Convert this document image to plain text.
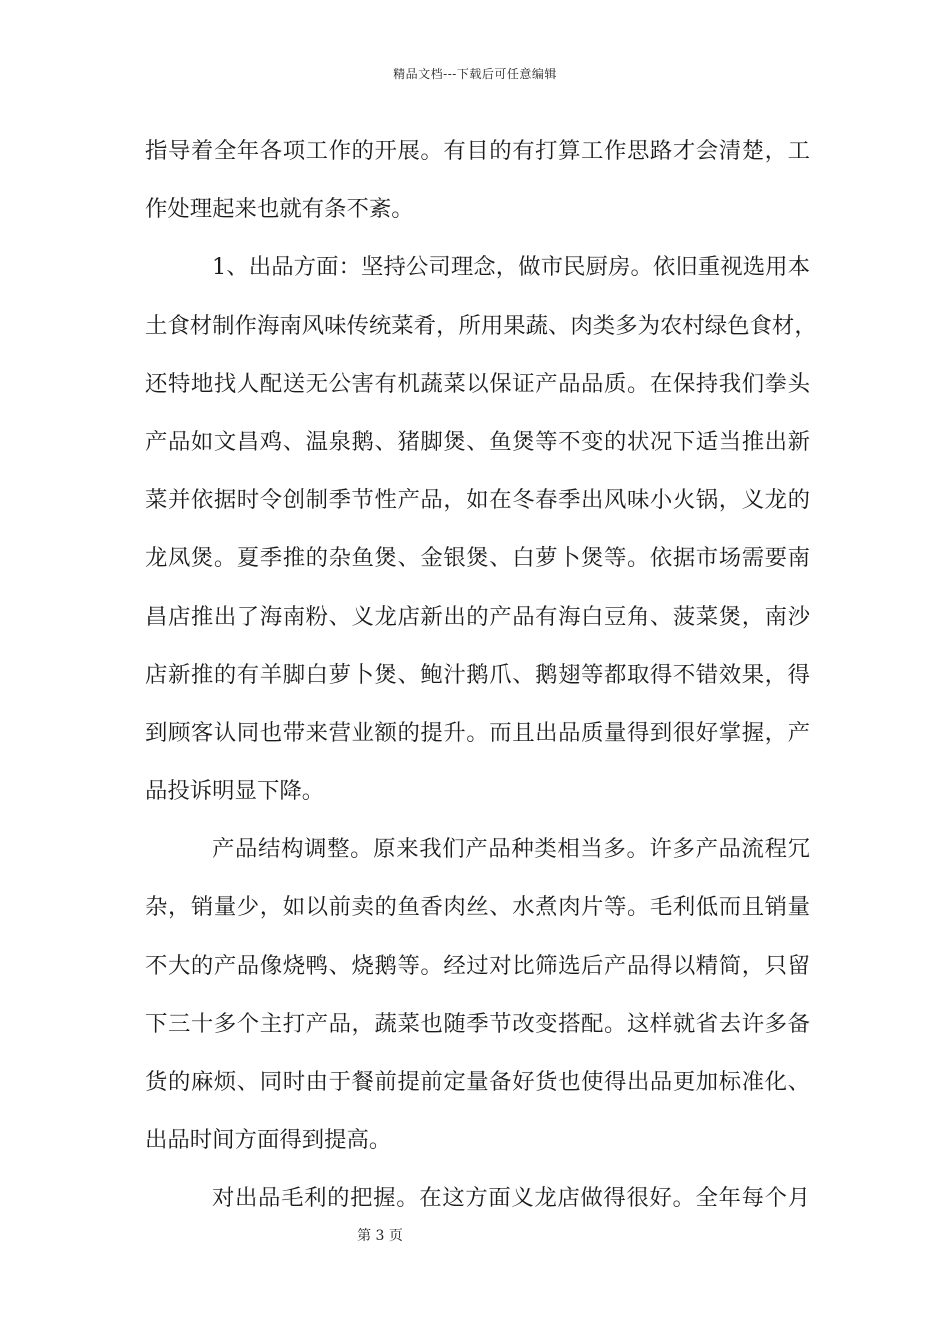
精品文档---下载后可任意编辑
指导着全年各项工作的开展。有目的有打算工作思路才会清楚，工
作处理起来也就有条不紊。
1、出品方面：坚持公司理念，做市民厨房。依旧重视选用本
土食材制作海南风味传统菜肴，所用果蔬、肉类多为农村绿色食材，
还特地找人配送无公害有机蔬菜以保证产品品质。在保持我们拳头
产品如文昌鸡、温泉鹅、猪脚煲、鱼煲等不变的状况下适当推出新
菜并依据时令创制季节性产品，如在冬春季出风味小火锅，义龙的
龙凤煲。夏季推的杂鱼煲、金银煲、白萝卜煲等。依据市场需要南
昌店推出了海南粉、义龙店新出的产品有海白豆角、菠菜煲，南沙
店新推的有羊脚白萝卜煲、鲍汁鹅爪、鹅翅等都取得不错效果，得
到顾客认同也带来营业额的提升。而且出品质量得到很好掌握，产
品投诉明显下降。
产品结构调整。原来我们产品种类相当多。许多产品流程冗
杂，销量少，如以前卖的鱼香肉丝、水煮肉片等。毛利低而且销量
不大的产品像烧鸭、烧鹅等。经过对比筛选后产品得以精简，只留
下三十多个主打产品，蔬菜也随季节改变搭配。这样就省去许多备
货的麻烦、同时由于餐前提前定量备好货也使得出品更加标准化、
出品时间方面得到提高。
对出品毛利的把握。在这方面义龙店做得很好。全年每个月
第 3 页
